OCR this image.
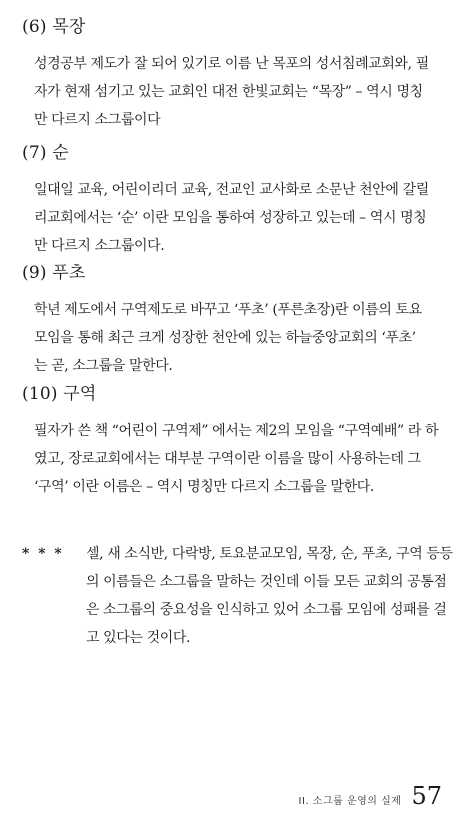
(6) 목장

성경공부 제도가 잘 되어 있기로 이름 난 목포의 성서침례교회와, 필
자가 현재 섬기고 있는 교회인 대전 한빛교회는 “목장” – 역시 명칭
만 다르지 소그룹이다

(7) 순

일대일 교육, 어린이리더 교육, 전교인 교사화로 소문난 천안에 갈릴
리교회에서는 ‘순’ 이란 모임을 통하여 성장하고 있는데 – 역시 명칭
만 다르지 소그룹이다.

(9) 푸초

학년 제도에서 구역제도로 바꾸고 ‘푸초’ (푸른초장)란 이름의 토요
모임을 통해 최근 크게 성장한 천안에 있는 하늘중앙교회의 ‘푸초’
는 곧, 소그룹을 말한다.

(10) 구역

필자가 쓴 책 “어린이 구역제” 에서는 제2의 모임을 “구역예배” 라 하
였고, 장로교회에서는 대부분 구역이란 이름을 많이 사용하는데 그
‘구역’ 이란 이름은 – 역시 명칭만 다르지 소그룹을 말한다.

* * *	셀, 새 소식반, 다락방, 토요분교모임, 목장, 순, 푸초, 구역 등등
의 이름들은 소그룹을 말하는 것인데 이들 모든 교회의 공통점
은 소그룹의 중요성을 인식하고 있어 소그룹 모임에 성패를 걸
고 있다는 것이다.
II. 소그룹 운영의 실제 57
